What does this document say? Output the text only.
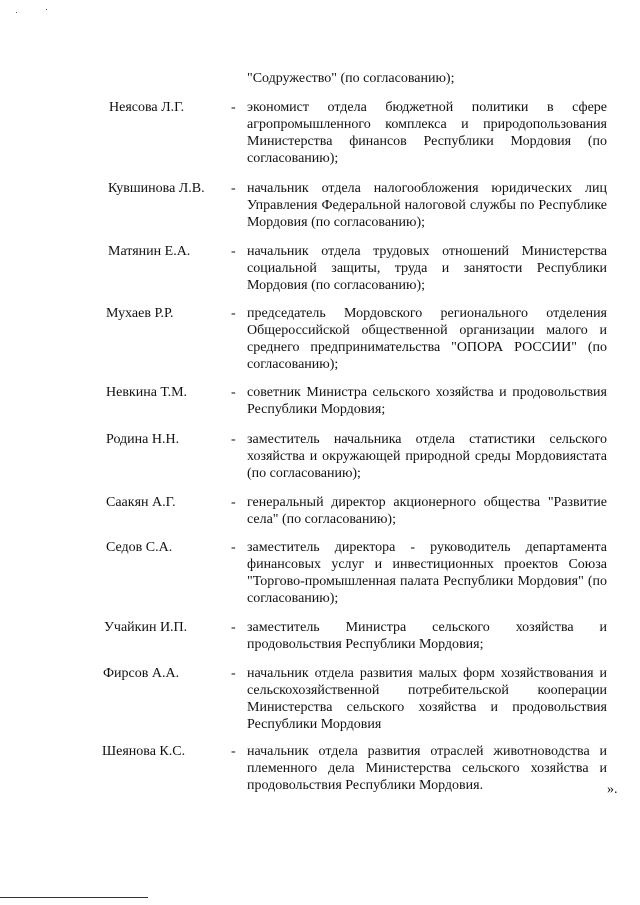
"Содружество" (по согласованию);
Неясова Л.Г.	- экономист отдела бюджетной политики в сфере агропромышленного комплекса и природопользования Министерства финансов Республики Мордовия (по согласованию);
Кувшинова Л.В. - начальник отдела налогообложения юридических лиц Управления Федеральной налоговой службы по Республике Мордовия (по согласованию);
Матянин Е.А.	- начальник отдела трудовых отношений Министерства социальной защиты, труда и занятости Республики Мордовия (по согласованию);
Мухаев Р.Р.	- председатель Мордовского регионального отделения Общероссийской общественной организации малого и среднего предпринимательства "ОПОРА РОССИИ" (по согласованию);
Невкина Т.М.	- советник Министра сельского хозяйства и продовольствия Республики Мордовия;
Родина Н.Н.	- заместитель начальника отдела статистики сельского хозяйства и окружающей природной среды Мордовиястата (по согласованию);
Саакян А.Г.	- генеральный директор акционерного общества "Развитие села" (по согласованию);
Седов С.А.	- заместитель директора - руководитель департамента финансовых услуг и инвестиционных проектов Союза "Торгово-промышленная палата Республики Мордовия" (по согласованию);
Учайкин И.П.	- заместитель Министра сельского хозяйства и продовольствия Республики Мордовия;
Фирсов А.А.	- начальник отдела развития малых форм хозяйствования и сельскохозяйственной потребительской кооперации Министерства сельского хозяйства и продовольствия Республики Мордовия
Шеянова К.С.	- начальник отдела развития отраслей животноводства и племенного дела Министерства сельского хозяйства и продовольствия Республики Мордовия.	».
